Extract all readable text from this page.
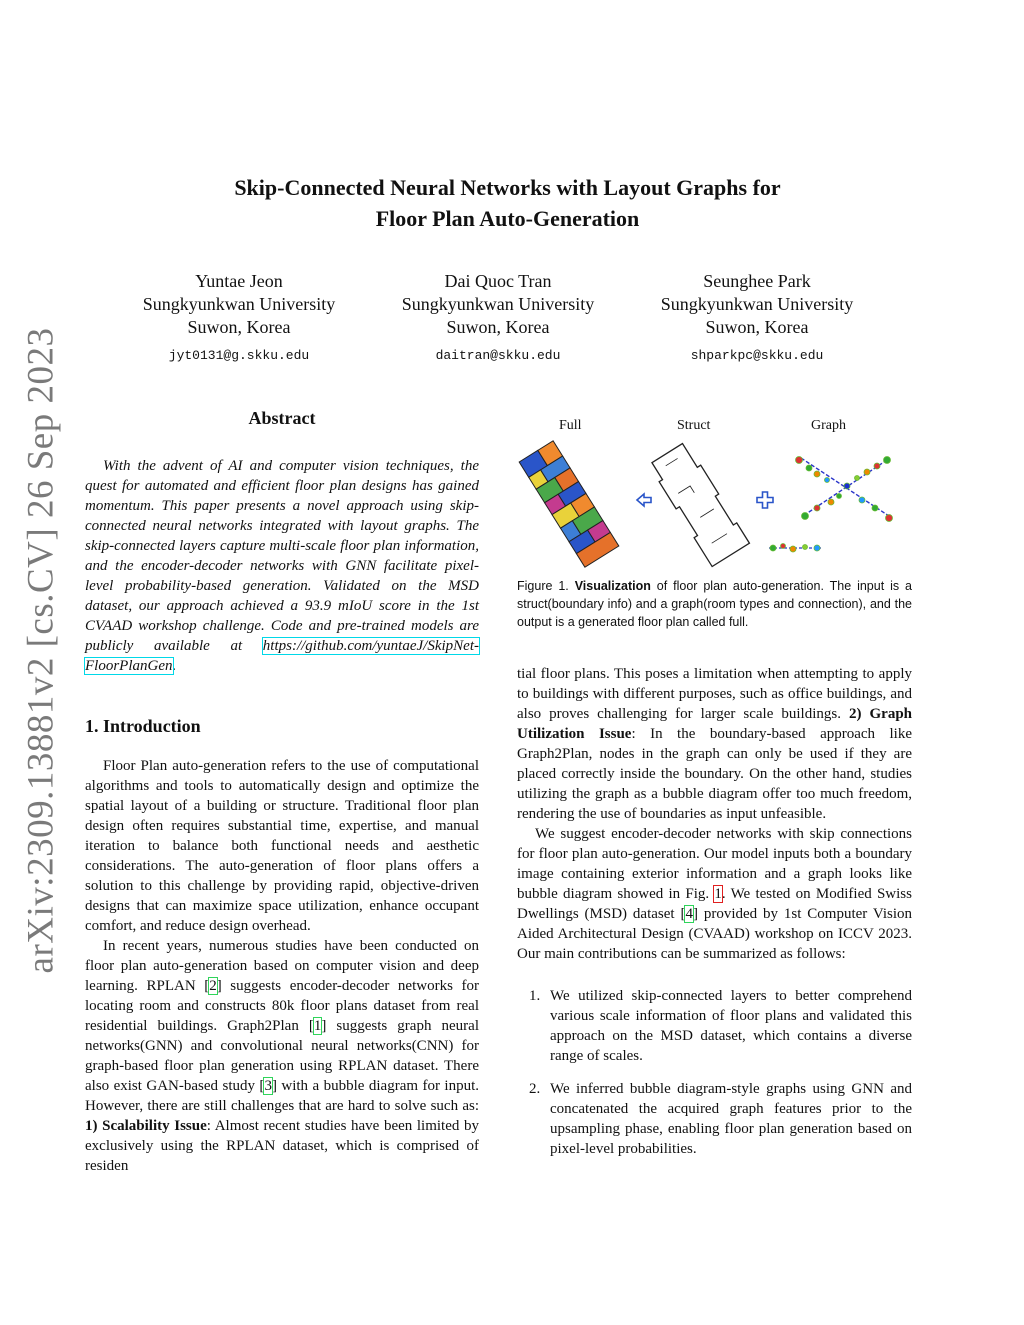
arXiv:2309.13881v2 [cs.CV] 26 Sep 2023
Skip-Connected Neural Networks with Layout Graphs for
Floor Plan Auto-Generation
Yuntae Jeon
Sungkyunkwan University
Suwon, Korea
jyt0131@g.skku.edu
Dai Quoc Tran
Sungkyunkwan University
Suwon, Korea
daitran@skku.edu
Seunghee Park
Sungkyunkwan University
Suwon, Korea
shparkpc@skku.edu
Abstract

With the advent of AI and computer vision techniques, the quest for automated and efficient floor plan designs has gained momentum. This paper presents a novel approach using skip-connected neural networks integrated with layout graphs. The skip-connected layers capture multi-scale floor plan information, and the encoder-decoder networks with GNN facilitate pixel-level probability-based generation. Validated on the MSD dataset, our approach achieved a 93.9 mIoU score in the 1st CVAAD workshop challenge. Code and pre-trained models are publicly available at https://github.com/yuntaeJ/SkipNet-FloorPlanGen.

1. Introduction

Floor Plan auto-generation refers to the use of computational algorithms and tools to automatically design and optimize the spatial layout of a building or structure. Traditional floor plan design often requires substantial time, expertise, and manual iteration to balance both functional needs and aesthetic considerations. The auto-generation of floor plans offers a solution to this challenge by providing rapid, objective-driven designs that can maximize space utilization, enhance occupant comfort, and reduce design overhead.

In recent years, numerous studies have been conducted on floor plan auto-generation based on computer vision and deep learning. RPLAN [2] suggests encoder-decoder networks for locating room and constructs 80k floor plans dataset from real residential buildings. Graph2Plan [1] suggests graph neural networks(GNN) and convolutional neural networks(CNN) for graph-based floor plan generation using RPLAN dataset. There also exist GAN-based study [3] with a bubble diagram for input. However, there are still challenges that are hard to solve such as: 1) Scalability Issue: Almost recent studies have been limited by exclusively using the RPLAN dataset, which is comprised of residen

Full	Struct	Graph

Figure 1. Visualization of floor plan auto-generation. The input is a struct(boundary info) and a graph(room types and connection), and the output is a generated floor plan called full.

tial floor plans. This poses a limitation when attempting to apply to buildings with different purposes, such as office buildings, and also proves challenging for larger scale buildings. 2) Graph Utilization Issue: In the boundary-based approach like Graph2Plan, nodes in the graph can only be used if they are placed correctly inside the boundary. On the other hand, studies utilizing the graph as a bubble diagram offer too much freedom, rendering the use of boundaries as input unfeasible.

We suggest encoder-decoder networks with skip connections for floor plan auto-generation. Our model inputs both a boundary image containing exterior information and a graph looks like bubble diagram showed in Fig. 1. We tested on Modified Swiss Dwellings (MSD) dataset [4] provided by 1st Computer Vision Aided Architectural Design (CVAAD) workshop on ICCV 2023. Our main contributions can be summarized as follows:

1. We utilized skip-connected layers to better comprehend various scale information of floor plans and validated this approach on the MSD dataset, which contains a diverse range of scales.
2. We inferred bubble diagram-style graphs using GNN and concatenated the acquired graph features prior to the upsampling phase, enabling floor plan generation based on pixel-level probabilities.
